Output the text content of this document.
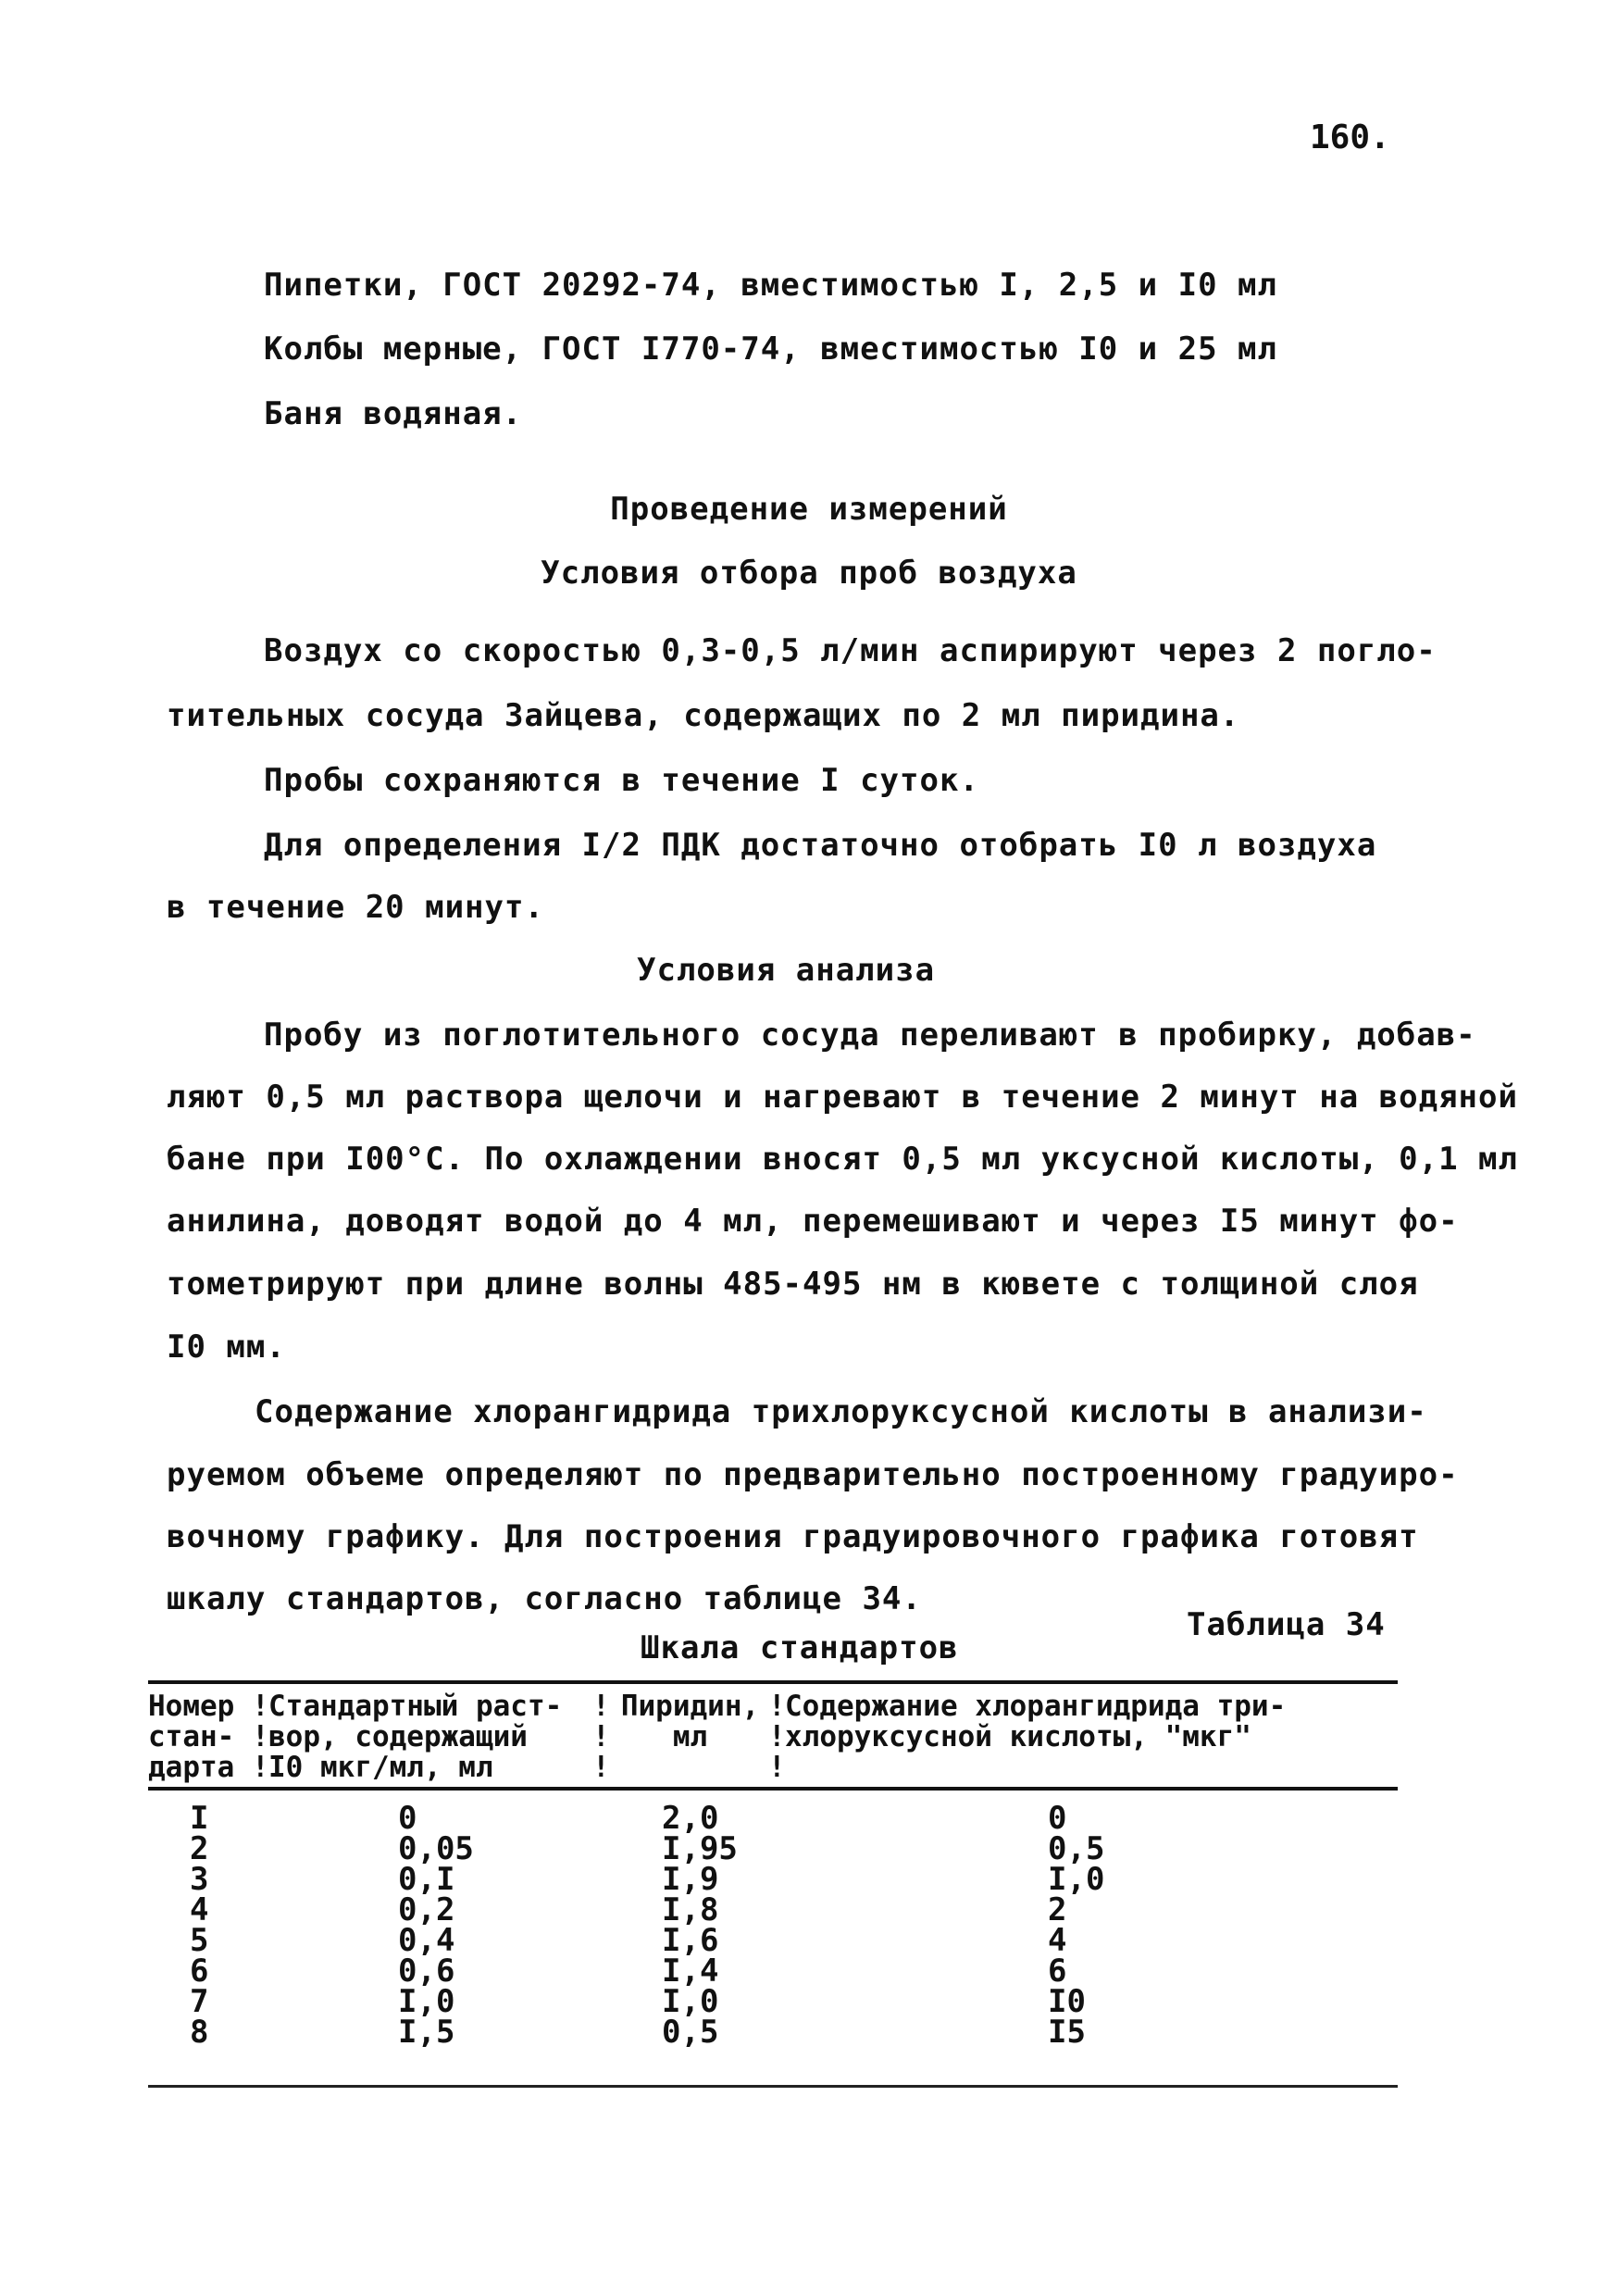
160.
Пипетки, ГОСТ 20292-74, вместимостью I, 2,5 и I0 мл
Колбы мерные, ГОСТ I770-74, вместимостью I0 и 25 мл
Баня водяная.
Проведение измерений
Условия отбора проб воздуха
Воздух со скоростью 0,3-0,5 л/мин аспирируют через 2 погло-
тительных сосуда Зайцева, содержащих по 2 мл пиридина.
Пробы сохраняются в течение I суток.
Для определения I/2 ПДК достаточно отобрать I0 л воздуха
в течение 20 минут.
Условия анализа
Пробу из поглотительного сосуда переливают в пробирку, добав-
ляют 0,5 мл раствора щелочи и нагревают в течение 2 минут на водяной
бане при I00°С. По охлаждении вносят 0,5 мл уксусной кислоты, 0,1 мл
анилина, доводят водой до 4 мл, перемешивают и через I5 минут фо-
тометрируют при длине волны 485-495 нм в кювете с толщиной слоя
I0 мм.
Содержание хлорангидрида трихлоруксусной кислоты в анализи-
руемом объеме определяют по предварительно построенному градуиро-
вочному графику. Для построения градуировочного графика готовят
шкалу стандартов, согласно таблице 34.
Таблица 34
Шкала стандартов
Номер
стан-
дарта
!
!
!
Стандартный раст-
вор, содержащий
I0 мкг/мл, мл
!
!
!
Пиридин,
мл
!
!
!
Содержание хлорангидрида три-
хлоруксусной кислоты, "мкг"
I
2
3
4
5
6
7
8
0
0,05
0,I
0,2
0,4
0,6
I,0
I,5
2,0
I,95
I,9
I,8
I,6
I,4
I,0
0,5
0
0,5
I,0
2
4
6
I0
I5
